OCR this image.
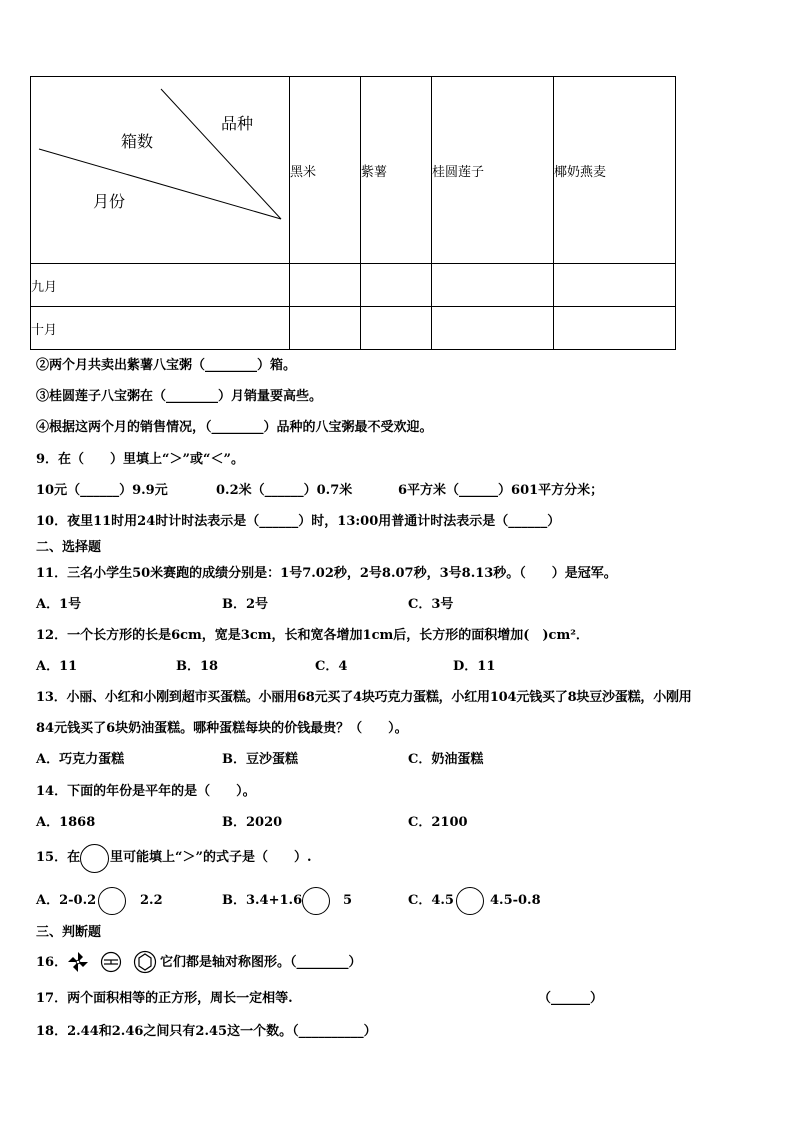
品种
箱数
月份	黑米	紫薯	桂圆莲子	椰奶燕麦
九月				
十月				
②两个月共卖出紫薯八宝粥（________）箱。
③桂圆莲子八宝粥在（________）月销量要高些。
④根据这两个月的销售情况，（________）品种的八宝粥最不受欢迎。
9．在（　　）里填上“＞”或“＜”。
10元（______）9.9元	0.2米（______）0.7米	6平方米（______）601平方分米；
10．夜里11时用24时计时法表示是（______）时，13:00用普通计时法表示是（______）
二、选择题
11．三名小学生50米赛跑的成绩分别是：1号7.02秒，2号8.07秒，3号8.13秒。（　　）是冠军。
A．1号	B．2号	C．3号
12．一个长方形的长是6cm，宽是3cm，长和宽各增加1cm后，长方形的面积增加(　)cm²．
A．11	B．18	C．4	D．11
13．小丽、小红和小刚到超市买蛋糕。小丽用68元买了4块巧克力蛋糕，小红用104元钱买了8块豆沙蛋糕，小刚用
84元钱买了6块奶油蛋糕。哪种蛋糕每块的价钱最贵？（　　）。
A．巧克力蛋糕	B．豆沙蛋糕	C．奶油蛋糕
14．下面的年份是平年的是（　　）。
A．1868	B．2020	C．2100
15．在 里可能填上“＞”的式子是（　　）.
A．2-0.2	2.2	B．3.4+1.6	5	C．4.5	4.5-0.8
三、判断题
16．	它们都是轴对称图形。（________）
17．两个面积相等的正方形，周长一定相等.	（______）
18．2.44和2.46之间只有2.45这一个数。（__________）
